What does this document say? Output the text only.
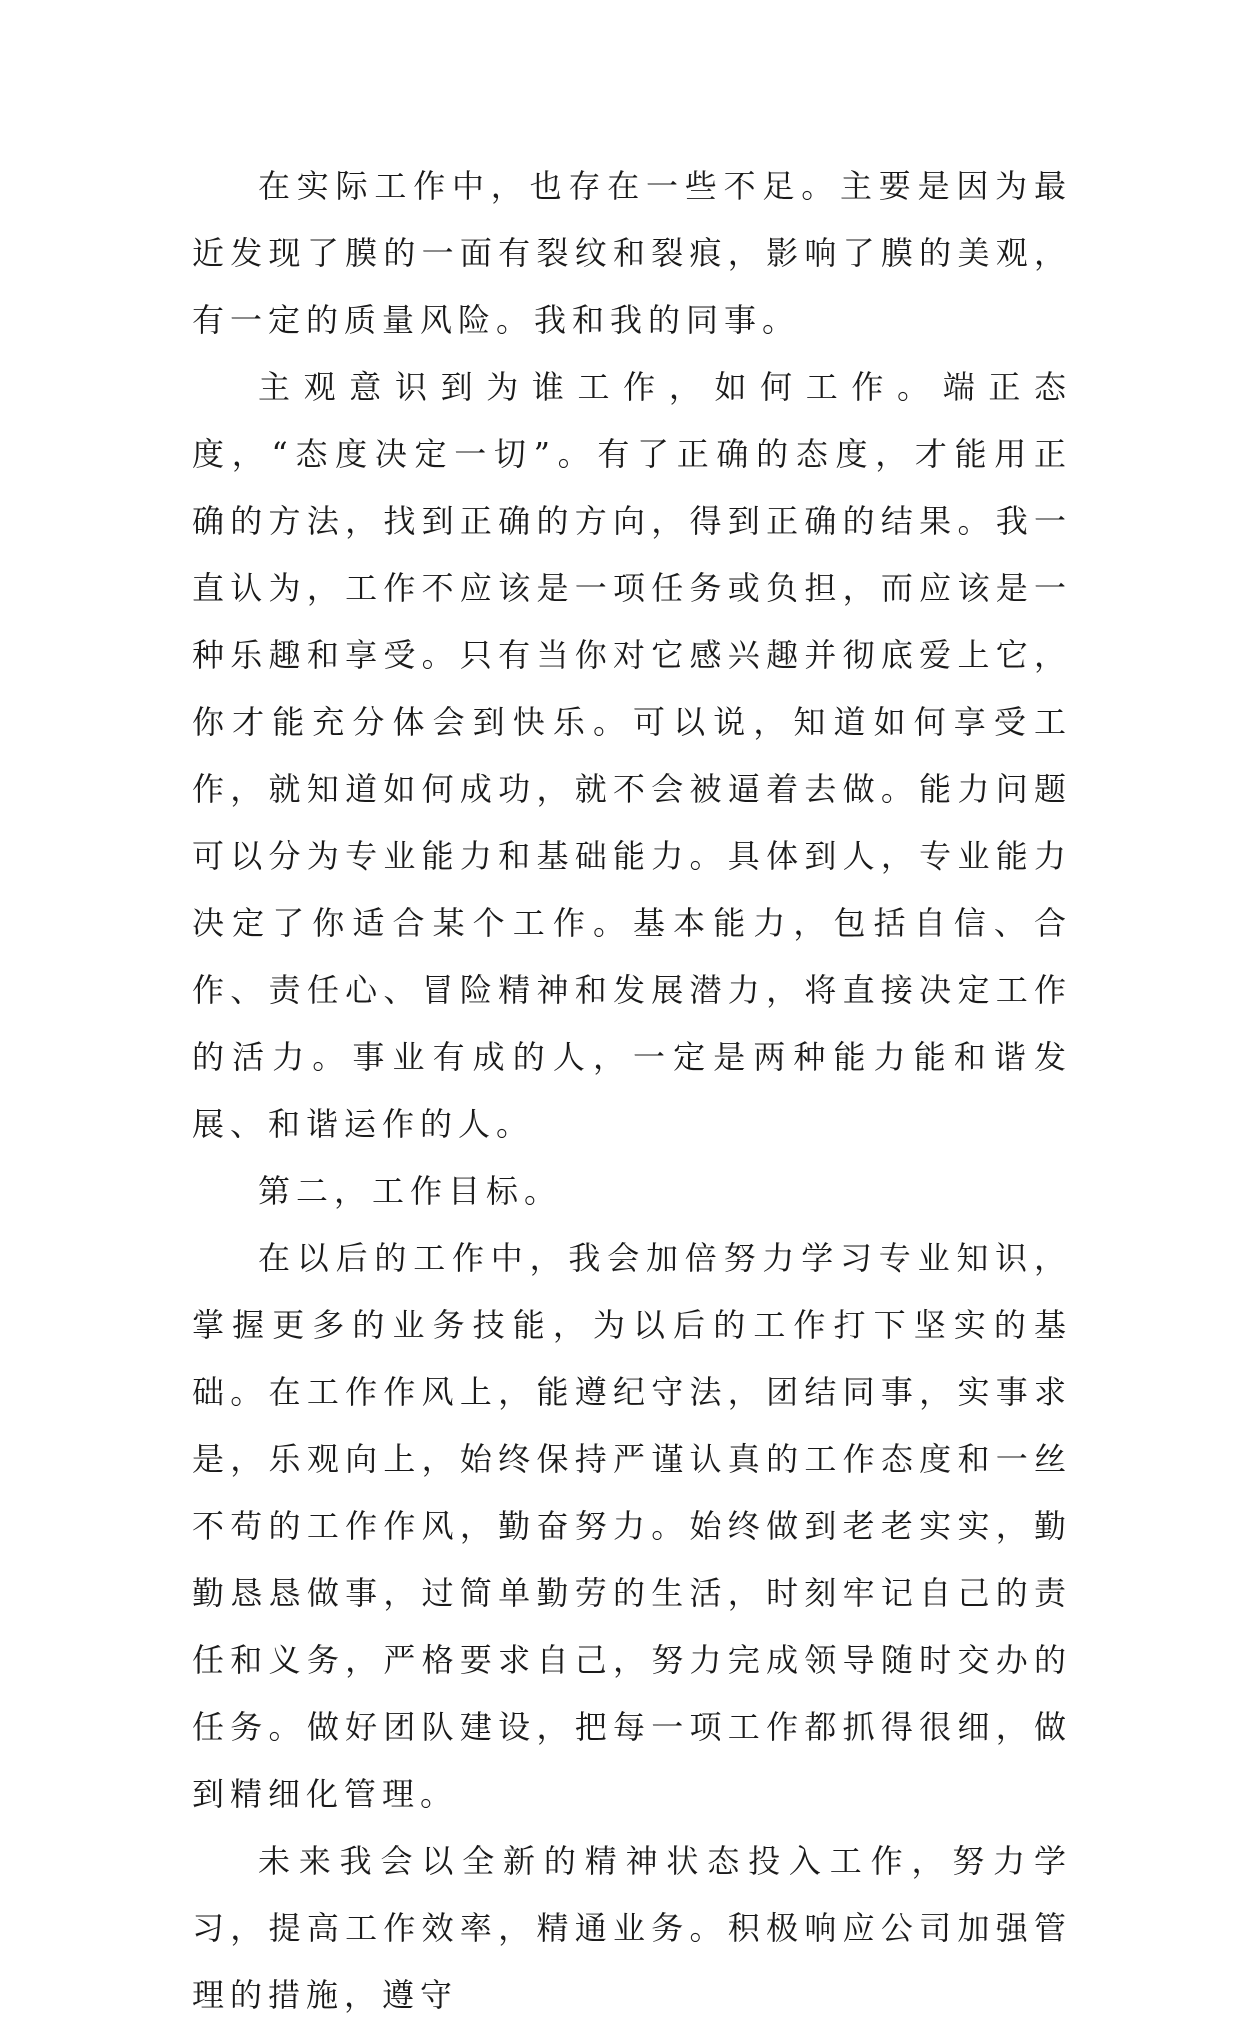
在实际工作中，也存在一些不足。主要是因为最近发现了膜的一面有裂纹和裂痕，影响了膜的美观，有一定的质量风险。我和我的同事。

主观意识到为谁工作，如何工作。端正态度，“态度决定一切”。有了正确的态度，才能用正确的方法，找到正确的方向，得到正确的结果。我一直认为，工作不应该是一项任务或负担，而应该是一种乐趣和享受。只有当你对它感兴趣并彻底爱上它，你才能充分体会到快乐。可以说，知道如何享受工作，就知道如何成功，就不会被逼着去做。能力问题可以分为专业能力和基础能力。具体到人，专业能力决定了你适合某个工作。基本能力，包括自信、合作、责任心、冒险精神和发展潜力，将直接决定工作的活力。事业有成的人，一定是两种能力能和谐发展、和谐运作的人。

第二，工作目标。

在以后的工作中，我会加倍努力学习专业知识，掌握更多的业务技能，为以后的工作打下坚实的基础。在工作作风上，能遵纪守法，团结同事，实事求是，乐观向上，始终保持严谨认真的工作态度和一丝不苟的工作作风，勤奋努力。始终做到老老实实，勤勤恳恳做事，过简单勤劳的生活，时刻牢记自己的责任和义务，严格要求自己，努力完成领导随时交办的任务。做好团队建设，把每一项工作都抓得很细，做到精细化管理。

未来我会以全新的精神状态投入工作，努力学习，提高工作效率，精通业务。积极响应公司加强管理的措施，遵守
